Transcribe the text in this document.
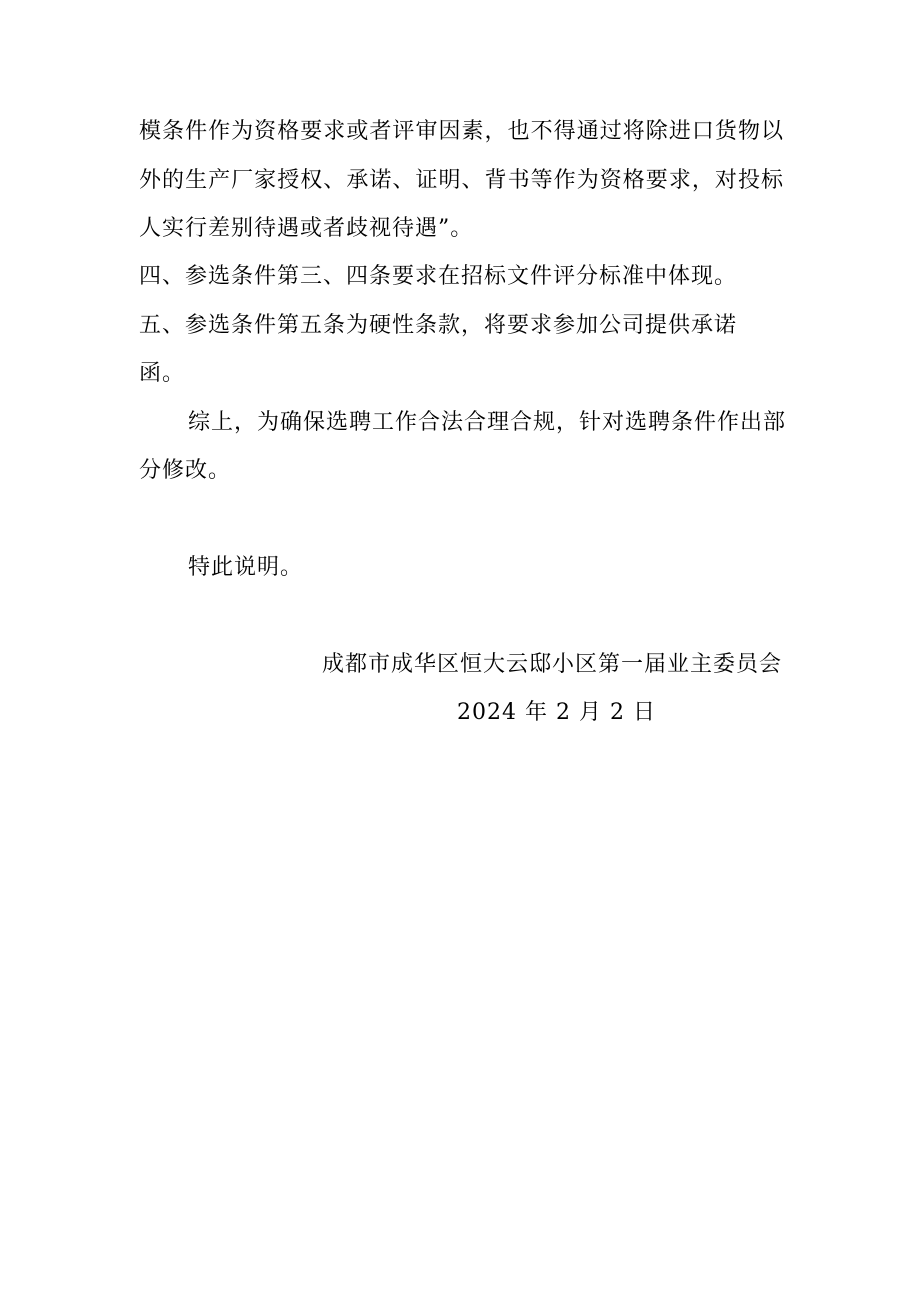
模条件作为资格要求或者评审因素，也不得通过将除进口货物以
外的生产厂家授权、承诺、证明、背书等作为资格要求，对投标
人实行差别待遇或者歧视待遇”。
四、参选条件第三、四条要求在招标文件评分标准中体现。
五、参选条件第五条为硬性条款，将要求参加公司提供承诺
函。
综上，为确保选聘工作合法合理合规，针对选聘条件作出部
分修改。
特此说明。
成都市成华区恒大云邸小区第一届业主委员会
2024 年 2 月 2 日
